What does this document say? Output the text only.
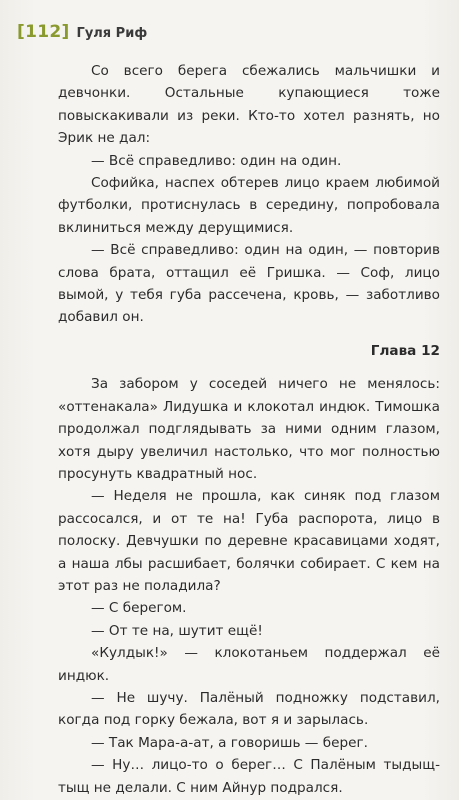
[112] Гуля Риф

Со всего берега сбежались мальчишки и девчонки. Остальные купающиеся тоже повыскакивали из реки. Кто-то хотел разнять, но Эрик не дал:

— Всё справедливо: один на один.

Софийка, наспех обтерев лицо краем любимой футболки, протиснулась в середину, попробовала вклиниться между дерущимися.

— Всё справедливо: один на один, — повторив слова брата, оттащил её Гришка. — Соф, лицо вымой, у тебя губа рассечена, кровь, — заботливо добавил он.

Глава 12

За забором у соседей ничего не менялось: «оттенакала» Лидушка и клокотал индюк. Тимошка продолжал подглядывать за ними одним глазом, хотя дыру увеличил настолько, что мог полностью просунуть квадратный нос.

— Неделя не прошла, как синяк под глазом рассосался, и от те на! Губа распорота, лицо в полоску. Девчушки по деревне красавицами ходят, а наша лбы расшибает, болячки собирает. С кем на этот раз не поладила?

— С берегом.

— От те на, шутит ещё!

«Кулдык!» — клокотаньем поддержал её индюк.

— Не шучу. Палёный подножку подставил, когда под горку бежала, вот я и зарылась.

— Так Мара-а-ат, а говоришь — берег.

— Ну… лицо-то о берег… С Палёным тыдыщ-тыщ не делали. С ним Айнур подрался.
